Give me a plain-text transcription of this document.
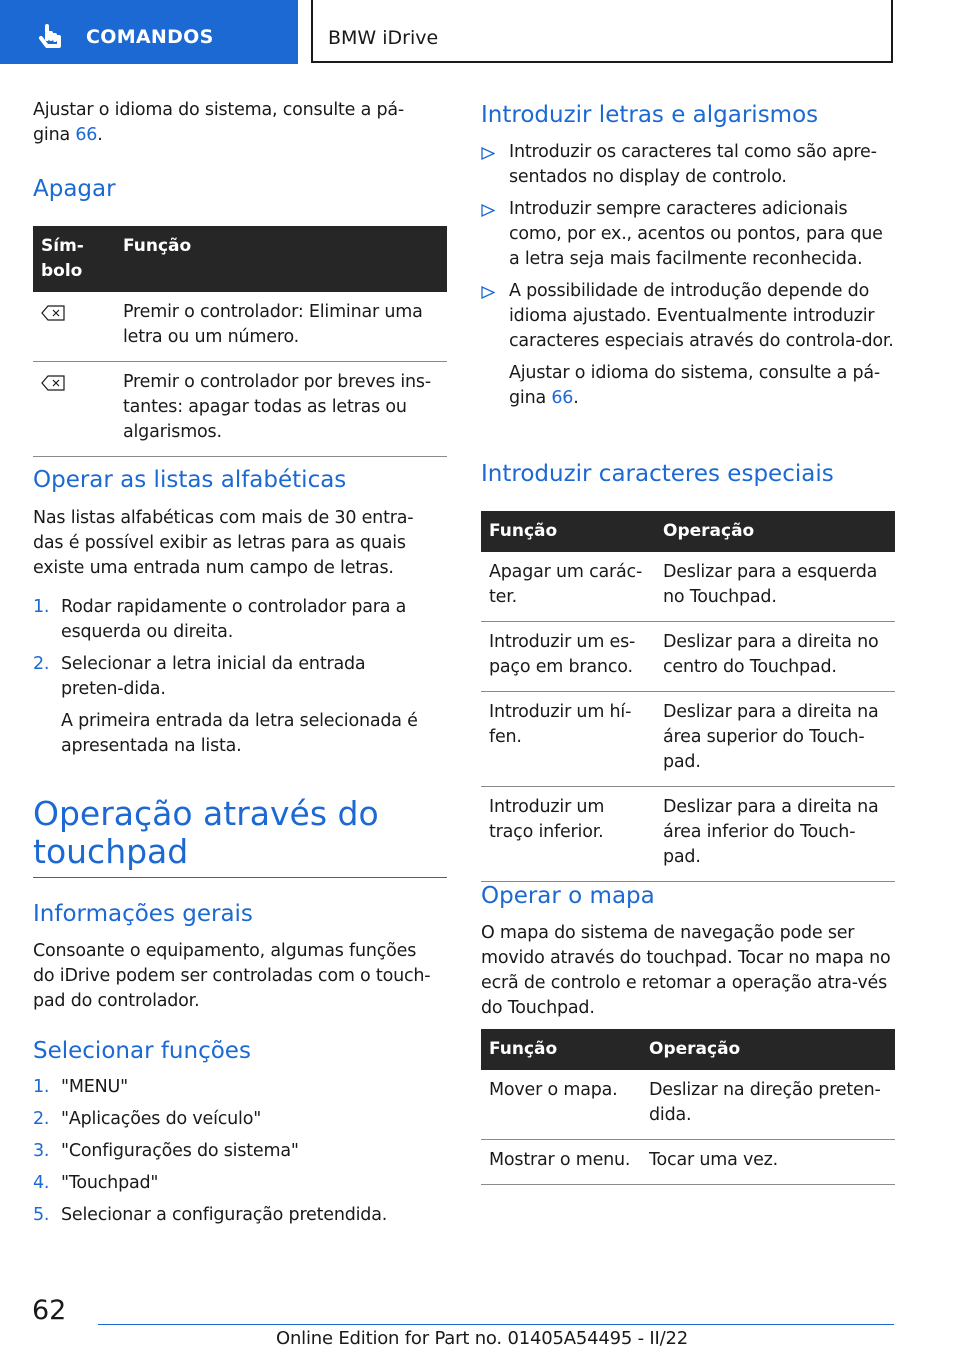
COMANDOS	BMW iDrive

Ajustar o idioma do sistema, consulte a pá-gina 66.

Apagar
Sím-bolo	Função
	Premir o controlador: Eliminar uma letra ou um número.
	Premir o controlador por breves ins-tantes: apagar todas as letras ou algarismos.
Operar as listas alfabéticas

Nas listas alfabéticas com mais de 30 entra-das é possível exibir as letras para as quais existe uma entrada num campo de letras.

1. Rodar rapidamente o controlador para a esquerda ou direita.
2. Selecionar a letra inicial da entrada preten-dida.
A primeira entrada da letra selecionada é apresentada na lista.
Operação através do touchpad
Informações gerais

Consoante o equipamento, algumas funções do iDrive podem ser controladas com o touch-pad do controlador.

Selecionar funções
1. "MENU"
2. "Aplicações do veículo"
3. "Configurações do sistema"
4. "Touchpad"
5. Selecionar a configuração pretendida.
Introduzir letras e algarismos
Introduzir os caracteres tal como são apre-sentados no display de controlo.
Introduzir sempre caracteres adicionais como, por ex., acentos ou pontos, para que a letra seja mais facilmente reconhecida.
A possibilidade de introdução depende do idioma ajustado. Eventualmente introduzir caracteres especiais através do controla-dor.
Ajustar o idioma do sistema, consulte a pá-gina 66.
Introduzir caracteres especiais
Função	Operação
Apagar um carác-ter.	Deslizar para a esquerda no Touchpad.
Introduzir um es-paço em branco.	Deslizar para a direita no centro do Touchpad.
Introduzir um hí-fen.	Deslizar para a direita na área superior do Touch-pad.
Introduzir um traço inferior.	Deslizar para a direita na área inferior do Touch-pad.
Operar o mapa

O mapa do sistema de navegação pode ser movido através do touchpad. Tocar no mapa no ecrã de controlo e retomar a operação atra-vés do Touchpad.

Função	Operação
Mover o mapa.	Deslizar na direção preten-dida.
Mostrar o menu.	Tocar uma vez.
62
Online Edition for Part no. 01405A54495 - II/22
